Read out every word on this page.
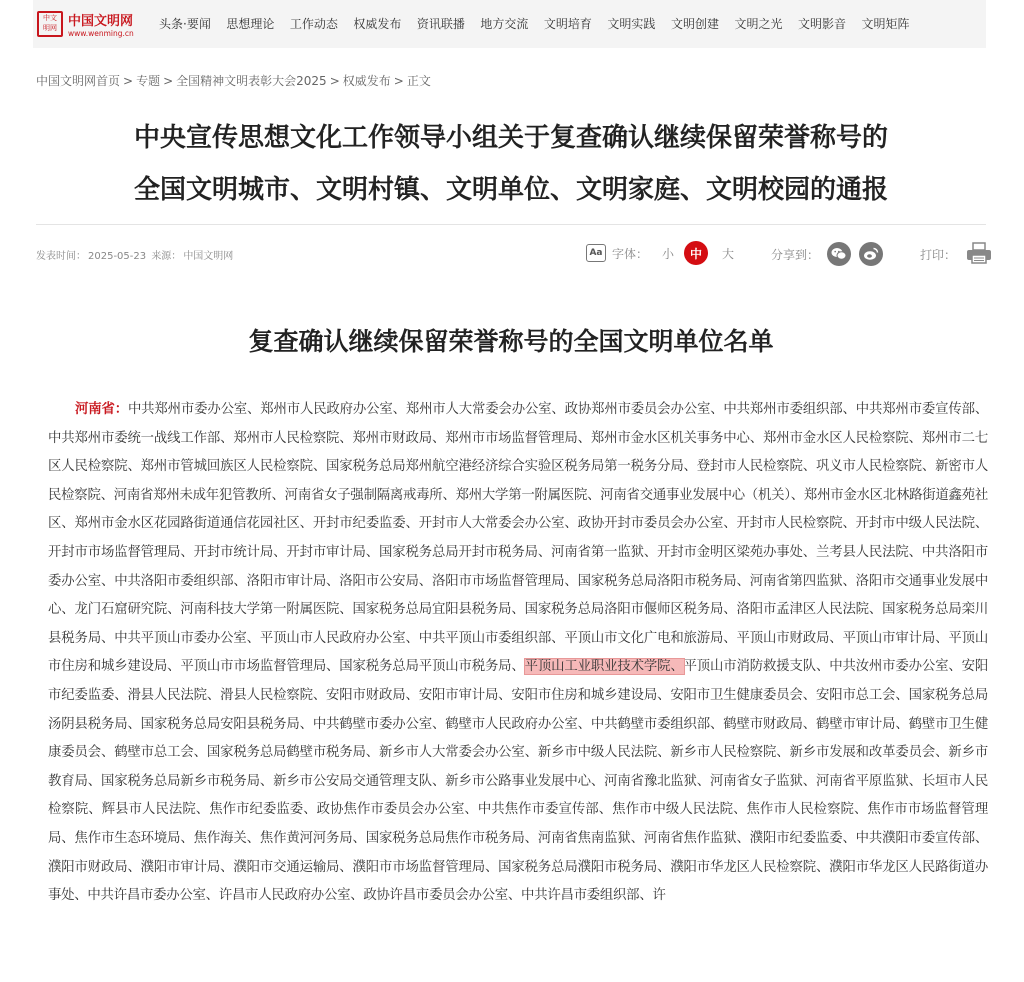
中文
明网 中国文明网
www.wenming.cn
头条·要闻 思想理论 工作动态 权威发布 资讯联播 地方交流 文明培育 文明实践 文明创建 文明之光 文明影音 文明矩阵
中国文明网首页 > 专题 > 全国精神文明表彰大会2025 > 权威发布 > 正文
中央宣传思想文化工作领导小组关于复查确认继续保留荣誉称号的
全国文明城市、文明村镇、文明单位、文明家庭、文明校园的通报
发表时间： 2025-05-23 来源： 中国文明网	Aa 字体： 小	中	大	分享到：	打印：
复查确认继续保留荣誉称号的全国文明单位名单

河南省：中共郑州市委办公室、郑州市人民政府办公室、郑州市人大常委会办公室、政协郑州市委员会办公室、中共郑州市委组织部、中共郑州市委宣传部、中共郑州市委统一战线工作部、郑州市人民检察院、郑州市财政局、郑州市市场监督管理局、郑州市金水区机关事务中心、郑州市金水区人民检察院、郑州市二七区人民检察院、郑州市管城回族区人民检察院、国家税务总局郑州航空港经济综合实验区税务局第一税务分局、登封市人民检察院、巩义市人民检察院、新密市人民检察院、河南省郑州未成年犯管教所、河南省女子强制隔离戒毒所、郑州大学第一附属医院、河南省交通事业发展中心（机关）、郑州市金水区北林路街道鑫苑社区、郑州市金水区花园路街道通信花园社区、开封市纪委监委、开封市人大常委会办公室、政协开封市委员会办公室、开封市人民检察院、开封市中级人民法院、开封市市场监督管理局、开封市统计局、开封市审计局、国家税务总局开封市税务局、河南省第一监狱、开封市金明区梁苑办事处、兰考县人民法院、中共洛阳市委办公室、中共洛阳市委组织部、洛阳市审计局、洛阳市公安局、洛阳市市场监督管理局、国家税务总局洛阳市税务局、河南省第四监狱、洛阳市交通事业发展中心、龙门石窟研究院、河南科技大学第一附属医院、国家税务总局宜阳县税务局、国家税务总局洛阳市偃师区税务局、洛阳市孟津区人民法院、国家税务总局栾川县税务局、中共平顶山市委办公室、平顶山市人民政府办公室、中共平顶山市委组织部、平顶山市文化广电和旅游局、平顶山市财政局、平顶山市审计局、平顶山市住房和城乡建设局、平顶山市市场监督管理局、国家税务总局平顶山市税务局、平顶山工业职业技术学院、平顶山市消防救援支队、中共汝州市委办公室、安阳市纪委监委、滑县人民法院、滑县人民检察院、安阳市财政局、安阳市审计局、安阳市住房和城乡建设局、安阳市卫生健康委员会、安阳市总工会、国家税务总局汤阴县税务局、国家税务总局安阳县税务局、中共鹤壁市委办公室、鹤壁市人民政府办公室、中共鹤壁市委组织部、鹤壁市财政局、鹤壁市审计局、鹤壁市卫生健康委员会、鹤壁市总工会、国家税务总局鹤壁市税务局、新乡市人大常委会办公室、新乡市中级人民法院、新乡市人民检察院、新乡市发展和改革委员会、新乡市教育局、国家税务总局新乡市税务局、新乡市公安局交通管理支队、新乡市公路事业发展中心、河南省豫北监狱、河南省女子监狱、河南省平原监狱、长垣市人民检察院、辉县市人民法院、焦作市纪委监委、政协焦作市委员会办公室、中共焦作市委宣传部、焦作市中级人民法院、焦作市人民检察院、焦作市市场监督管理局、焦作市生态环境局、焦作海关、焦作黄河河务局、国家税务总局焦作市税务局、河南省焦南监狱、河南省焦作监狱、濮阳市纪委监委、中共濮阳市委宣传部、濮阳市财政局、濮阳市审计局、濮阳市交通运输局、濮阳市市场监督管理局、国家税务总局濮阳市税务局、濮阳市华龙区人民检察院、濮阳市华龙区人民路街道办事处、中共许昌市委办公室、许昌市人民政府办公室、政协许昌市委员会办公室、中共许昌市委组织部、许
